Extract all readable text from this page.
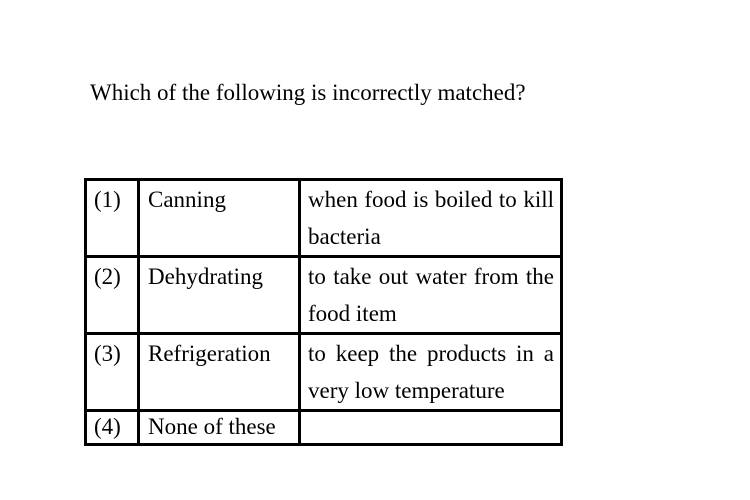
Which of the following is incorrectly matched?
(1)	Canning	when food is boiled to kill bacteria
(2)	Dehydrating	to take out water from the food item
(3)	Refrigeration	to keep the products in a very low temperature
(4)	None of these	
